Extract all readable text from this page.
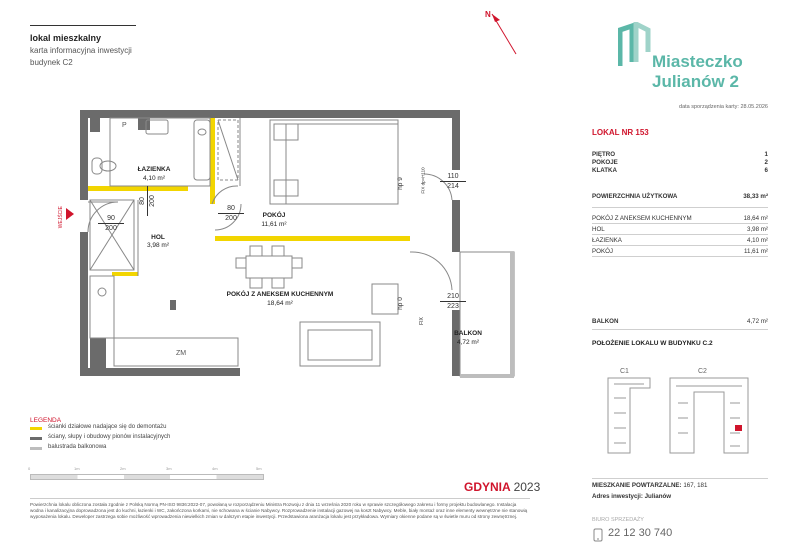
lokal mieszkalny
karta informacyjna inwestycji
budynek C2
N
Miasteczko
Julianów 2
data sporządzenia karty: 28.05.2026
LOKAL NR 153
PIĘTRO	1
POKOJE	2
KLATKA	6
POWIERZCHNIA UŻYTKOWA	38,33 m²
POKÓJ Z ANEKSEM KUCHENNYM	18,64 m²
HOL	3,98 m²
ŁAZIENKA	4,10 m²
POKÓJ	11,61 m²
BALKON	4,72 m²
POŁOŻENIE LOKALU W BUDYNKU C.2
C1	C2
MIESZKANIE POWTARZALNE: 167, 181
Adres inwestycji: Julianów
BIURO SPRZEDAŻY
22 12 30 740
WEJŚCIE
P
ZM
ŁAZIENKA
4,10 m²
HOL
3,98 m²
POKÓJ
11,61 m²
POKÓJ Z ANEKSEM KUCHENNYM
18,64 m²
BALKON
4,72 m²
80 200
80
200
90
200
110
214
210
223
hp 9
hp 0
FIX dp=H110
FIX
LEGENDA
ścianki działowe nadające się do demontażu
ściany, słupy i obudowy pionów instalacyjnych
balustrada balkonowa
0	1m	2m	3m	4m	5m
GDYNIA 2023
Powierzchnia lokalu obliczona została zgodnie z Polską Normą PN-ISO 9836:2022-07, powołaną w rozporządzeniu Ministra Rozwoju z dnia 11 września 2020 roku w sprawie szczegółowego zakresu i formy projektu budowlanego. Instalacja wodna i kanalizacyjna doprowadzona jest do kuchni, łazienki i WC, zakończona korkami, nie schowana w ścianie Nabywcy. Rozprowadzenie instalacji gazowej na koszt Nabywcy. Meble, biały montaż oraz inne elementy wewnętrzne nie stanowią wyposażenia lokalu. Deweloper zastrzega sobie możliwość wprowadzenia niewielkich zmian w dalszym etapie inwestycji. Przedstawiona aranżacja lokalu jest przykładowa. Wymiary okienne podane są w świetle muru od strony zewnętrznej.
